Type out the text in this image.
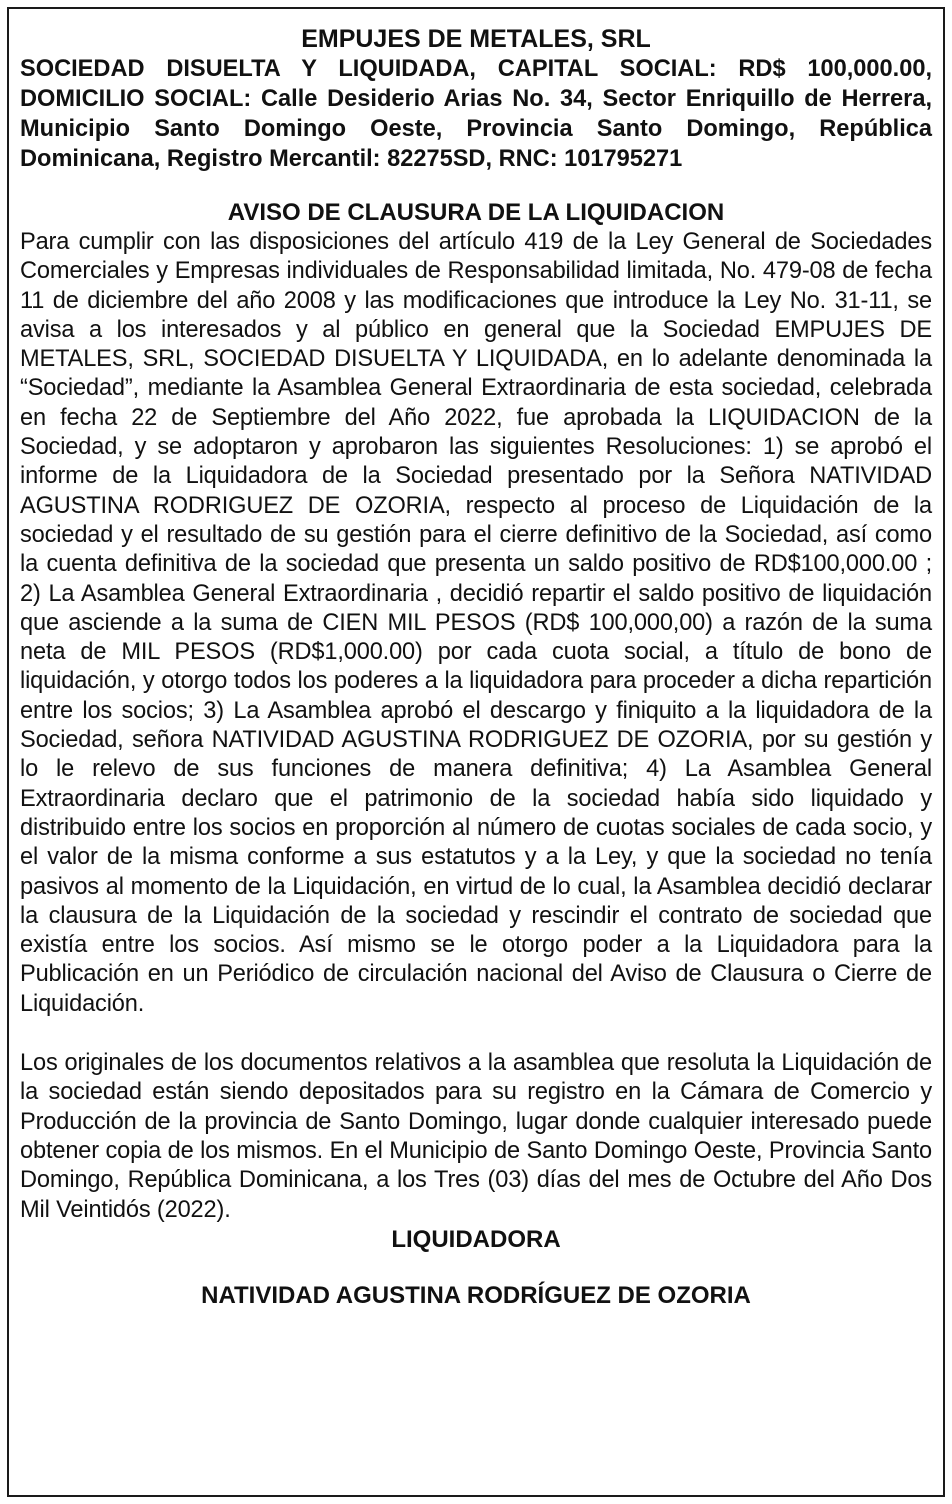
EMPUJES DE METALES, SRL

SOCIEDAD DISUELTA Y LIQUIDADA, CAPITAL SOCIAL: RD$ 100,000.00, DOMICILIO SOCIAL: Calle Desiderio Arias No. 34, Sector Enriquillo de Herrera, Municipio Santo Domingo Oeste, Provincia Santo Domingo, República Dominicana, Registro Mercantil: 82275SD, RNC: 101795271

AVISO DE CLAUSURA DE LA LIQUIDACION

Para cumplir con las disposiciones del artículo 419 de la Ley General de Sociedades Comerciales y Empresas individuales de Responsabilidad limitada, No. 479-08 de fecha 11 de diciembre del año 2008 y las modificaciones que introduce la Ley No. 31-11, se avisa a los interesados y al público en general que la Sociedad EMPUJES DE METALES, SRL, SOCIEDAD DISUELTA Y LIQUIDADA, en lo adelante denominada la “Sociedad”, mediante la Asamblea General Extraordinaria de esta sociedad, celebrada en fecha 22 de Septiembre del Año 2022, fue aprobada la LIQUIDACION de la Sociedad, y se adoptaron y aprobaron las siguientes Resoluciones: 1) se aprobó el informe de la Liquidadora de la Sociedad presentado por la Señora NATIVIDAD AGUSTINA RODRIGUEZ DE OZORIA, respecto al proceso de Liquidación de la sociedad y el resultado de su gestión para el cierre definitivo de la Sociedad, así como la cuenta definitiva de la sociedad que presenta un saldo positivo de RD$100,000.00 ; 2) La Asamblea General Extraordinaria , decidió repartir el saldo positivo de liquidación que asciende a la suma de CIEN MIL PESOS (RD$ 100,000,00) a razón de la suma neta de MIL PESOS (RD$1,000.00) por cada cuota social, a título de bono de liquidación, y otorgo todos los poderes a la liquidadora para proceder a dicha repartición entre los socios; 3) La Asamblea aprobó el descargo y finiquito a la liquidadora de la Sociedad, señora NATIVIDAD AGUSTINA RODRIGUEZ DE OZORIA, por su gestión y lo le relevo de sus funciones de manera definitiva; 4) La Asamblea General Extraordinaria declaro que el patrimonio de la sociedad había sido liquidado y distribuido entre los socios en proporción al número de cuotas sociales de cada socio, y el valor de la misma conforme a sus estatutos y a la Ley, y que la sociedad no tenía pasivos al momento de la Liquidación, en virtud de lo cual, la Asamblea decidió declarar la clausura de la Liquidación de la sociedad y rescindir el contrato de sociedad que existía entre los socios. Así mismo se le otorgo poder a la Liquidadora para la Publicación en un Periódico de circulación nacional del Aviso de Clausura o Cierre de Liquidación.

Los originales de los documentos relativos a la asamblea que resoluta la Liquidación de la sociedad están siendo depositados para su registro en la Cámara de Comercio y Producción de la provincia de Santo Domingo, lugar donde cualquier interesado puede obtener copia de los mismos. En el Municipio de Santo Domingo Oeste, Provincia Santo Domingo, República Dominicana, a los Tres (03) días del mes de Octubre del Año Dos Mil Veintidós (2022).

LIQUIDADORA

NATIVIDAD AGUSTINA RODRÍGUEZ DE OZORIA
